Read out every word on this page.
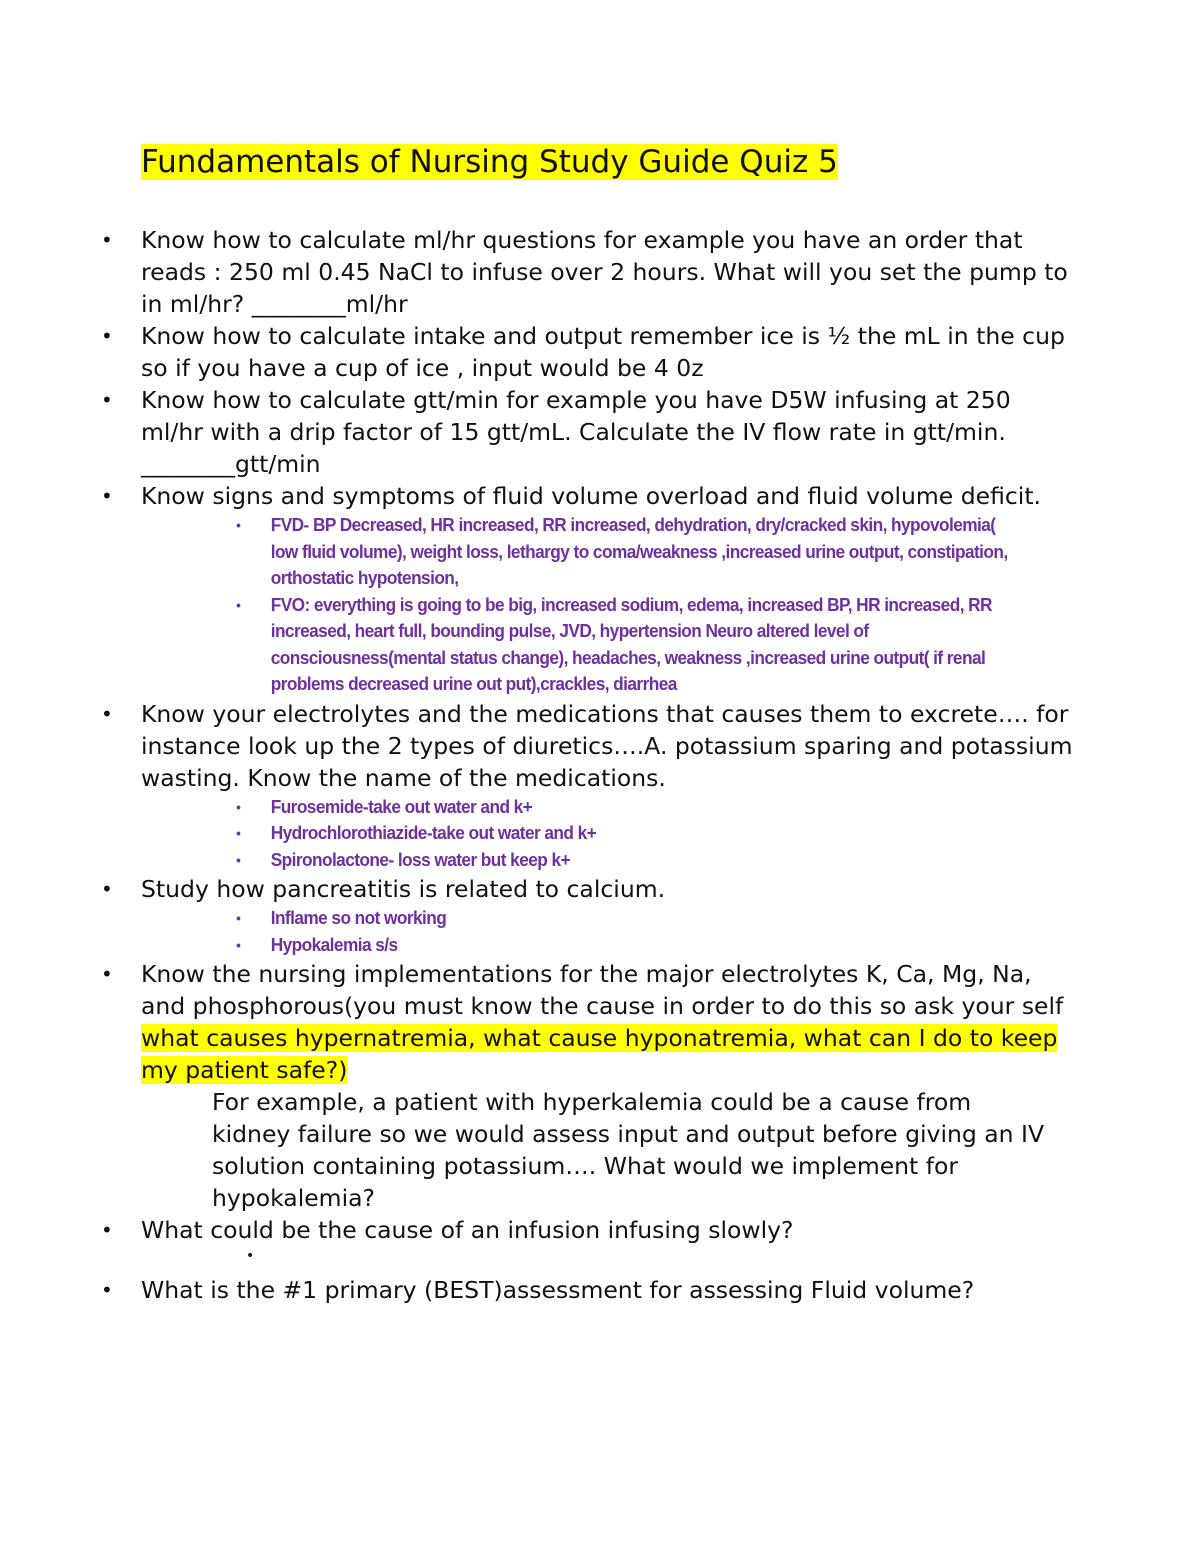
Fundamentals of Nursing Study Guide Quiz 5
• Know how to calculate ml/hr questions for example you have an order that reads : 250 ml 0.45 NaCl to infuse over 2 hours. What will you set the pump to in ml/hr? ________ml/hr
• Know how to calculate intake and output remember ice is ½ the mL in the cup so if you have a cup of ice , input would be 4 0z
• Know how to calculate gtt/min for example you have D5W infusing at 250 ml/hr with a drip factor of 15 gtt/mL. Calculate the IV flow rate in gtt/min. ________gtt/min
• Know signs and symptoms of fluid volume overload and fluid volume deficit.
• FVD- BP Decreased, HR increased, RR increased, dehydration, dry/cracked skin, hypovolemia( low fluid volume), weight loss, lethargy to coma/weakness ,increased urine output, constipation, orthostatic hypotension,
• FVO: everything is going to be big, increased sodium, edema, increased BP, HR increased, RR increased, heart full, bounding pulse, JVD, hypertension Neuro altered level of consciousness(mental status change), headaches, weakness ,increased urine output( if renal problems decreased urine out put),crackles, diarrhea
• Know your electrolytes and the medications that causes them to excrete…. for instance look up the 2 types of diuretics….A. potassium sparing and potassium wasting. Know the name of the medications.
• Furosemide-take out water and k+
• Hydrochlorothiazide-take out water and k+
• Spironolactone- loss water but keep k+
• Study how pancreatitis is related to calcium.
• Inflame so not working
• Hypokalemia s/s
• Know the nursing implementations for the major electrolytes K, Ca, Mg, Na, and phosphorous(you must know the cause in order to do this so ask your self what causes hypernatremia, what cause hyponatremia, what can I do to keep my patient safe?)
For example, a patient with hyperkalemia could be a cause from kidney failure so we would assess input and output before giving an IV solution containing potassium…. What would we implement for hypokalemia?
• What could be the cause of an infusion infusing slowly?
•
• What is the #1 primary (BEST)assessment for assessing Fluid volume?
